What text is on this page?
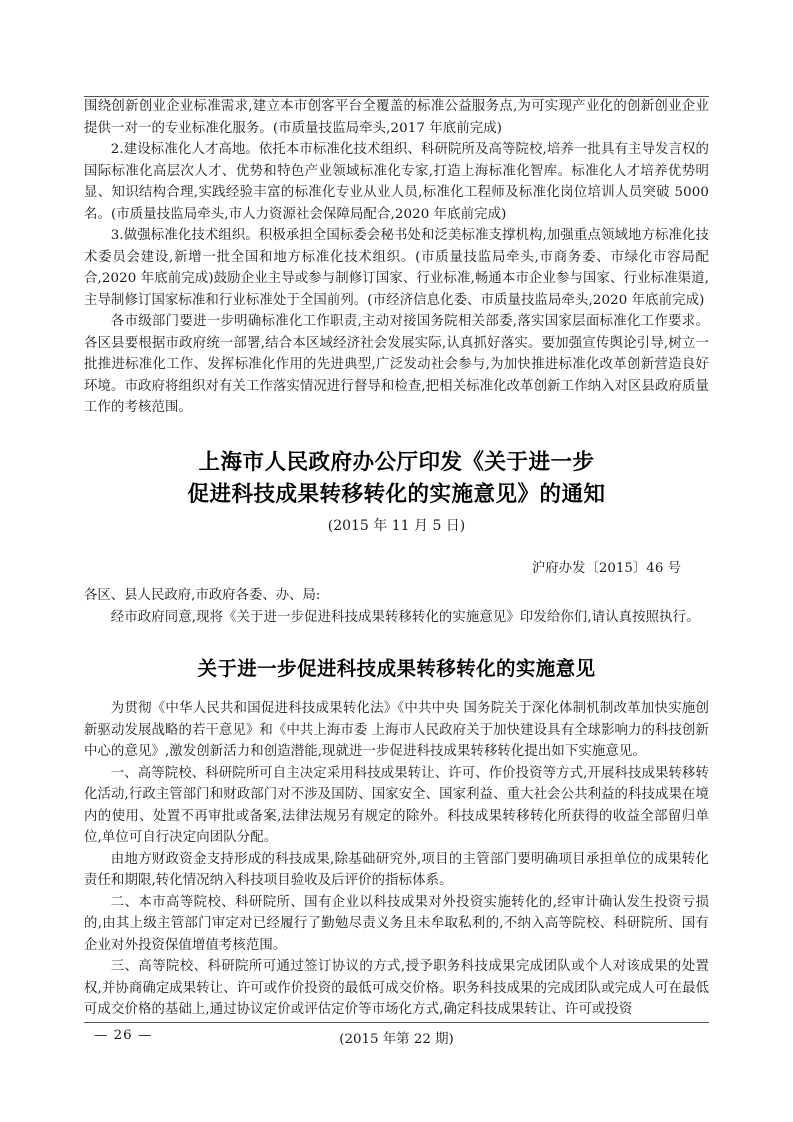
围绕创新创业企业标准需求,建立本市创客平台全覆盖的标准公益服务点,为可实现产业化的创新创业企业提供一对一的专业标准化服务。(市质量技监局牵头,2017 年底前完成)

2.建设标准化人才高地。依托本市标准化技术组织、科研院所及高等院校,培养一批具有主导发言权的国际标准化高层次人才、优势和特色产业领域标准化专家,打造上海标准化智库。标准化人才培养优势明显、知识结构合理,实践经验丰富的标准化专业从业人员,标准化工程师及标准化岗位培训人员突破 5000 名。(市质量技监局牵头,市人力资源社会保障局配合,2020 年底前完成)

3.做强标准化技术组织。积极承担全国标委会秘书处和泛美标准支撑机构,加强重点领域地方标准化技术委员会建设,新增一批全国和地方标准化技术组织。(市质量技监局牵头,市商务委、市绿化市容局配合,2020 年底前完成)鼓励企业主导或参与制修订国家、行业标准,畅通本市企业参与国家、行业标准渠道,主导制修订国家标准和行业标准处于全国前列。(市经济信息化委、市质量技监局牵头,2020 年底前完成)

各市级部门要进一步明确标准化工作职责,主动对接国务院相关部委,落实国家层面标准化工作要求。各区县要根据市政府统一部署,结合本区域经济社会发展实际,认真抓好落实。要加强宣传舆论引导,树立一批推进标准化工作、发挥标准化作用的先进典型,广泛发动社会参与,为加快推进标准化改革创新营造良好环境。市政府将组织对有关工作落实情况进行督导和检查,把相关标准化改革创新工作纳入对区县政府质量工作的考核范围。

上海市人民政府办公厅印发《关于进一步
促进科技成果转移转化的实施意见》的通知
(2015 年 11 月 5 日)
沪府办发〔2015〕46 号
各区、县人民政府,市政府各委、办、局:

经市政府同意,现将《关于进一步促进科技成果转移转化的实施意见》印发给你们,请认真按照执行。

关于进一步促进科技成果转移转化的实施意见

为贯彻《中华人民共和国促进科技成果转化法》《中共中央 国务院关于深化体制机制改革加快实施创新驱动发展战略的若干意见》和《中共上海市委 上海市人民政府关于加快建设具有全球影响力的科技创新中心的意见》,激发创新活力和创造潜能,现就进一步促进科技成果转移转化提出如下实施意见。

一、高等院校、科研院所可自主决定采用科技成果转让、许可、作价投资等方式,开展科技成果转移转化活动,行政主管部门和财政部门对不涉及国防、国家安全、国家利益、重大社会公共利益的科技成果在境内的使用、处置不再审批或备案,法律法规另有规定的除外。科技成果转移转化所获得的收益全部留归单位,单位可自行决定向团队分配。

由地方财政资金支持形成的科技成果,除基础研究外,项目的主管部门要明确项目承担单位的成果转化责任和期限,转化情况纳入科技项目验收及后评价的指标体系。

二、本市高等院校、科研院所、国有企业以科技成果对外投资实施转化的,经审计确认发生投资亏损的,由其上级主管部门审定对已经履行了勤勉尽责义务且未牟取私利的,不纳入高等院校、科研院所、国有企业对外投资保值增值考核范围。

三、高等院校、科研院所可通过签订协议的方式,授予职务科技成果完成团队或个人对该成果的处置权,并协商确定成果转让、许可或作价投资的最低可成交价格。职务科技成果的完成团队或完成人可在最低可成交价格的基础上,通过协议定价或评估定价等市场化方式,确定科技成果转让、许可或投资

— 26 —	(2015 年第 22 期)
